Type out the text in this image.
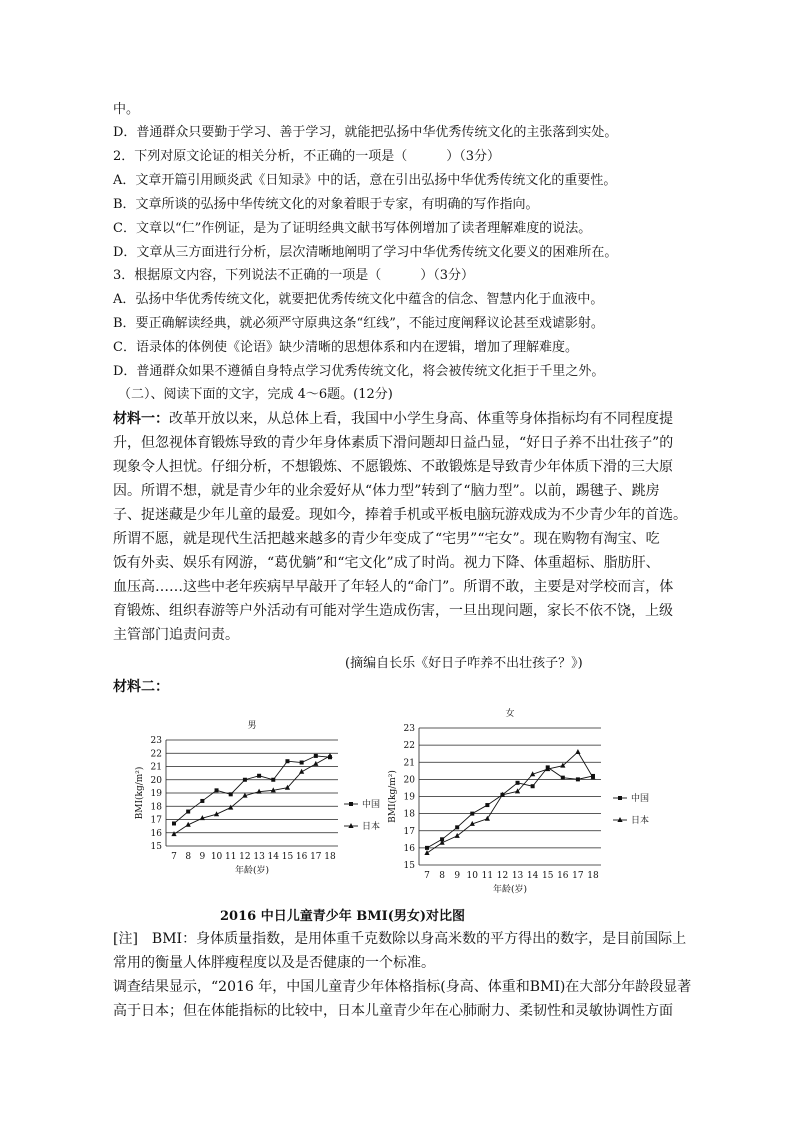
中。
D．普通群众只要勤于学习、善于学习，就能把弘扬中华优秀传统文化的主张落到实处。
2．下列对原文论证的相关分析，不正确的一项是（　　　）（3分）
A．文章开篇引用顾炎武《日知录》中的话，意在引出弘扬中华优秀传统文化的重要性。
B．文章所谈的弘扬中华传统文化的对象着眼于专家，有明确的写作指向。
C．文章以“仁”作例证，是为了证明经典文献书写体例增加了读者理解难度的说法。
D．文章从三方面进行分析，层次清晰地阐明了学习中华优秀传统文化要义的困难所在。
3．根据原文内容，下列说法不正确的一项是（　　　）（3分）
A．弘扬中华优秀传统文化，就要把优秀传统文化中蕴含的信念、智慧内化于血液中。
B．要正确解读经典，就必须严守原典这条“红线”，不能过度阐释议论甚至戏谑影射。
C．语录体的体例使《论语》缺少清晰的思想体系和内在逻辑，增加了理解难度。
D．普通群众如果不遵循自身特点学习优秀传统文化，将会被传统文化拒于千里之外。
（二）、阅读下面的文字，完成 4～6题。(12分)
材料一：改革开放以来，从总体上看，我国中小学生身高、体重等身体指标均有不同程度提
升，但忽视体育锻炼导致的青少年身体素质下滑问题却日益凸显，“好日子养不出壮孩子”的
现象令人担忧。仔细分析，不想锻炼、不愿锻炼、不敢锻炼是导致青少年体质下滑的三大原
因。所谓不想，就是青少年的业余爱好从“体力型”转到了“脑力型”。以前，踢毽子、跳房
子、捉迷藏是少年儿童的最爱。现如今，捧着手机或平板电脑玩游戏成为不少青少年的首选。
所谓不愿，就是现代生活把越来越多的青少年变成了“宅男”“宅女”。现在购物有淘宝、吃
饭有外卖、娱乐有网游，“葛优躺”和“宅文化”成了时尚。视力下降、体重超标、脂肪肝、
血压高……这些中老年疾病早早敲开了年轻人的“命门”。所谓不敢，主要是对学校而言，体
育锻炼、组织春游等户外活动有可能对学生造成伤害，一旦出现问题，家长不依不饶，上级
主管部门追责问责。
(摘编自长乐《好日子咋养不出壮孩子？》)
材料二：
男
15
16
17
18
19
20
21
22
23
7 8 9 10 11 12 13 14 15 16 17 18
年龄(岁)
BMI(kg/m²)	中国
日本
女
15
16
17
18
19
20
21
22
23
7 8 9 10 11 12 13 14 15 16 17 18
年龄(岁)
BMI(kg/m²)	中国
日本
2016 中日儿童青少年 BMI(男女)对比图
[注]　BMI：身体质量指数，是用体重千克数除以身高米数的平方得出的数字，是目前国际上
常用的衡量人体胖瘦程度以及是否健康的一个标准。
调查结果显示，“2016 年，中国儿童青少年体格指标(身高、体重和BMI)在大部分年龄段显著
高于日本；但在体能指标的比较中，日本儿童青少年在心肺耐力、柔韧性和灵敏协调性方面
